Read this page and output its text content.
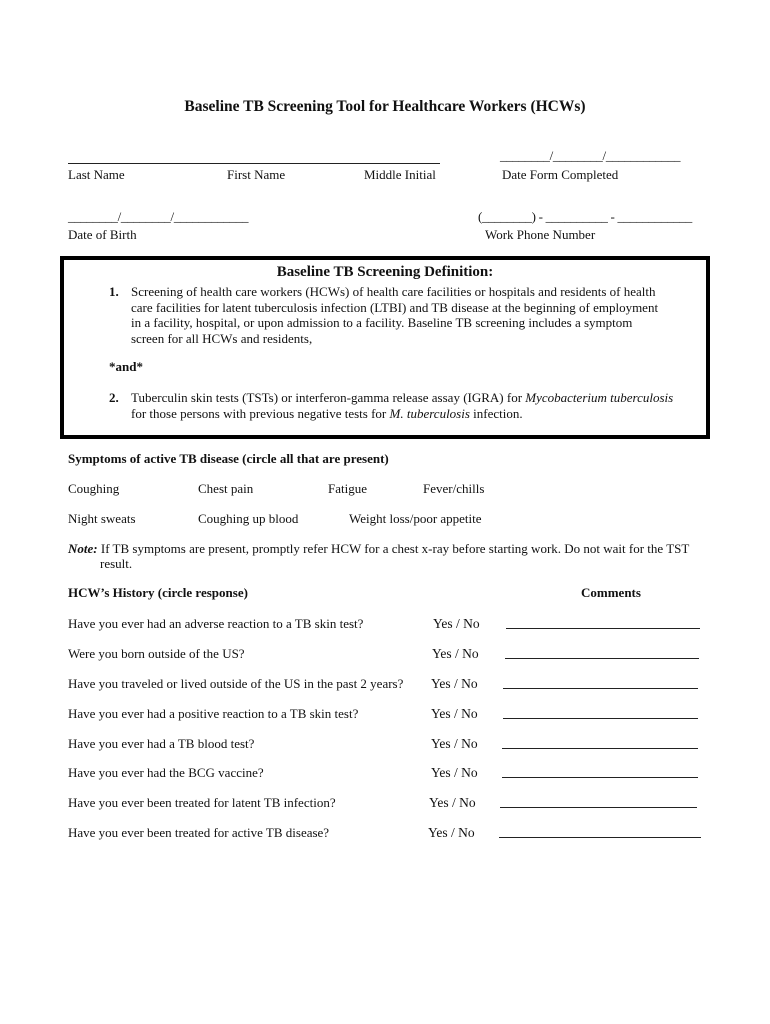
Baseline TB Screening Tool for Healthcare Workers (HCWs)
Last Name	First Name	Middle Initial
________/________/____________
Date Form Completed
________/________/____________
Date of Birth
(________) - __________ - ____________
Work Phone Number
Baseline TB Screening Definition:
1. Screening of health care workers (HCWs) of health care facilities or hospitals and residents of health
care facilities for latent tuberculosis infection (LTBI) and TB disease at the beginning of employment
in a facility, hospital, or upon admission to a facility. Baseline TB screening includes a symptom
screen for all HCWs and residents,
*and*
2. Tuberculin skin tests (TSTs) or interferon-gamma release assay (IGRA) for Mycobacterium tuberculosis
for those persons with previous negative tests for M. tuberculosis infection.
Symptoms of active TB disease (circle all that are present)
Coughing	Chest pain	Fatigue	Fever/chills
Night sweats	Coughing up blood	Weight loss/poor appetite
Note: If TB symptoms are present, promptly refer HCW for a chest x-ray before starting work. Do not wait for the TST
result.
HCW’s History (circle response)	Comments
Have you ever had an adverse reaction to a TB skin test?	Yes / No
Were you born outside of the US?	Yes / No
Have you traveled or lived outside of the US in the past 2 years? Yes / No
Have you ever had a positive reaction to a TB skin test?	Yes / No
Have you ever had a TB blood test?	Yes / No
Have you ever had the BCG vaccine?	Yes / No
Have you ever been treated for latent TB infection?	Yes / No
Have you ever been treated for active TB disease?	Yes / No
